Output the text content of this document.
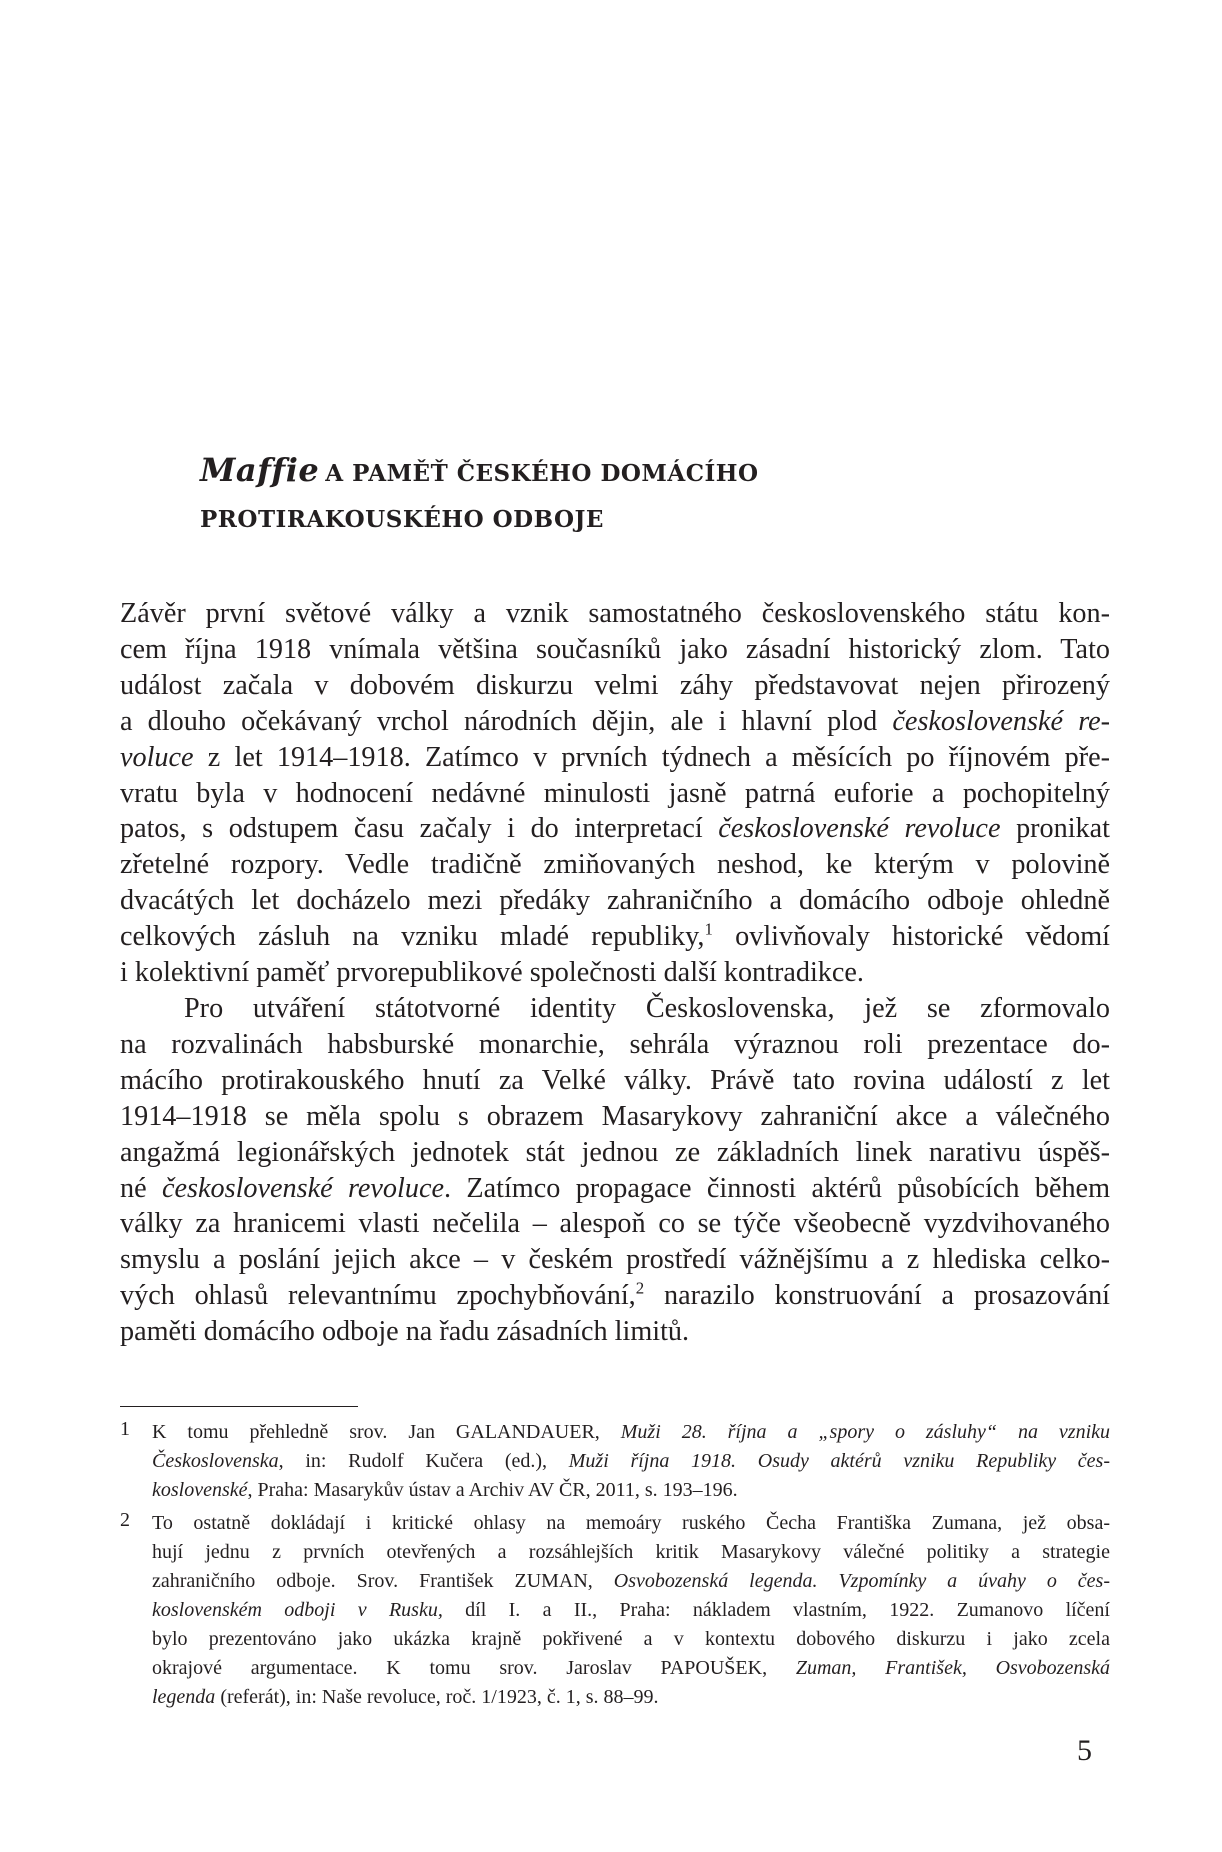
Maffie A PAMĚŤ ČESKÉHO DOMÁCÍHO
PROTIRAKOUSKÉHO ODBOJE

Závěr první světové války a vznik samostatného československého státu kon-
cem října 1918 vnímala většina současníků jako zásadní historický zlom. Tato
událost začala v dobovém diskurzu velmi záhy představovat nejen přirozený
a dlouho očekávaný vrchol národních dějin, ale i hlavní plod československé re-
voluce z let 1914–1918. Zatímco v prvních týdnech a měsících po říjnovém pře-
vratu byla v hodnocení nedávné minulosti jasně patrná euforie a pochopitelný
patos, s odstupem času začaly i do interpretací československé revoluce pronikat
zřetelné rozpory. Vedle tradičně zmiňovaných neshod, ke kterým v polovině
dvacátých let docházelo mezi předáky zahraničního a domácího odboje ohledně
celkových zásluh na vzniku mladé republiky,$^1$ ovlivňovaly historické vědomí
i kolektivní paměť prvorepublikové společnosti další kontradikce.

Pro utváření státotvorné identity Československa, jež se zformovalo
na rozvalinách habsburské monarchie, sehrála výraznou roli prezentace do-
mácího protirakouského hnutí za Velké války. Právě tato rovina událostí z let
1914–1918 se měla spolu s obrazem Masarykovy zahraniční akce a válečného
angažmá legionářských jednotek stát jednou ze základních linek narativu úspěš-
né československé revoluce. Zatímco propagace činnosti aktérů působících během
války za hranicemi vlasti nečelila – alespoň co se týče všeobecně vyzdvihovaného
smyslu a poslání jejich akce – v českém prostředí vážnějšímu a z hlediska celko-
vých ohlasů relevantnímu zpochybňování,$^2$ narazilo konstruování a prosazování
paměti domácího odboje na řadu zásadních limitů.

1 K tomu přehledně srov. Jan GALANDAUER, Muži 28. října a „spory o zásluhy“ na vzniku
Československa, in: Rudolf Kučera (ed.), Muži října 1918. Osudy aktérů vzniku Republiky čes-
koslovenské, Praha: Masarykův ústav a Archiv AV ČR, 2011, s. 193–196.
2 To ostatně dokládají i kritické ohlasy na memoáry ruského Čecha Františka Zumana, jež obsa-
hují jednu z prvních otevřených a rozsáhlejších kritik Masarykovy válečné politiky a strategie
zahraničního odboje. Srov. František ZUMAN, Osvobozenská legenda. Vzpomínky a úvahy o čes-
koslovenském odboji v Rusku, díl I. a II., Praha: nákladem vlastním, 1922. Zumanovo líčení
bylo prezentováno jako ukázka krajně pokřivené a v kontextu dobového diskurzu i jako zcela
okrajové argumentace. K tomu srov. Jaroslav PAPOUŠEK, Zuman, František, Osvobozenská
legenda (referát), in: Naše revoluce, roč. 1/1923, č. 1, s. 88–99.
5
